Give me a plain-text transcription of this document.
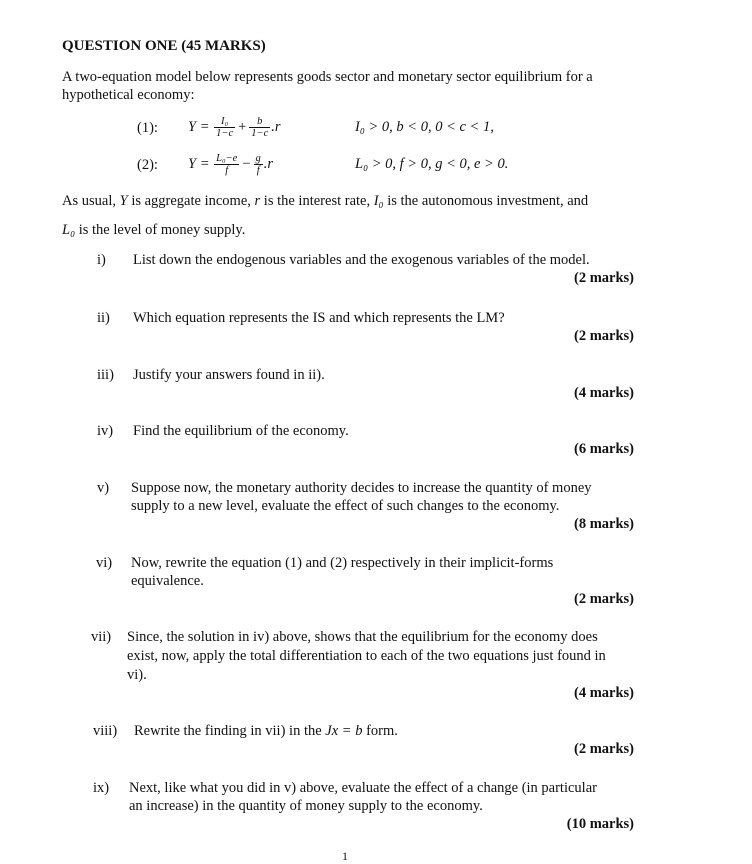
QUESTION ONE (45 MARKS)
A two-equation model below represents goods sector and monetary sector equilibrium for a
hypothetical economy:
(1): $Y = \frac{\text{I₀}}{1-c} + \frac{b}{1-c} .r$	I₀ > 0, b < 0, 0 < c < 1,
(2): $Y = \frac{\text{L₀−e}}{f} - \frac{g}{f} .r$	L₀ > 0, f > 0, g < 0, e > 0.
As usual, Y is aggregate income, r is the interest rate, I₀ is the autonomous investment, and
L₀ is the level of money supply.
i) List down the endogenous variables and the exogenous variables of the model.
(2 marks)
ii) Which equation represents the IS and which represents the LM?
(2 marks)
iii) Justify your answers found in ii).
(4 marks)
iv) Find the equilibrium of the economy.
(6 marks)
v) Suppose now, the monetary authority decides to increase the quantity of money
supply to a new level, evaluate the effect of such changes to the economy.
(8 marks)
vi) Now, rewrite the equation (1) and (2) respectively in their implicit-forms
equivalence.
(2 marks)
vii) Since, the solution in iv) above, shows that the equilibrium for the economy does
exist, now, apply the total differentiation to each of the two equations just found in
vi).
(4 marks)
viii) Rewrite the finding in vii) in the Jx = b form.
(2 marks)
ix) Next, like what you did in v) above, evaluate the effect of a change (in particular
an increase) in the quantity of money supply to the economy.
(10 marks)
1
